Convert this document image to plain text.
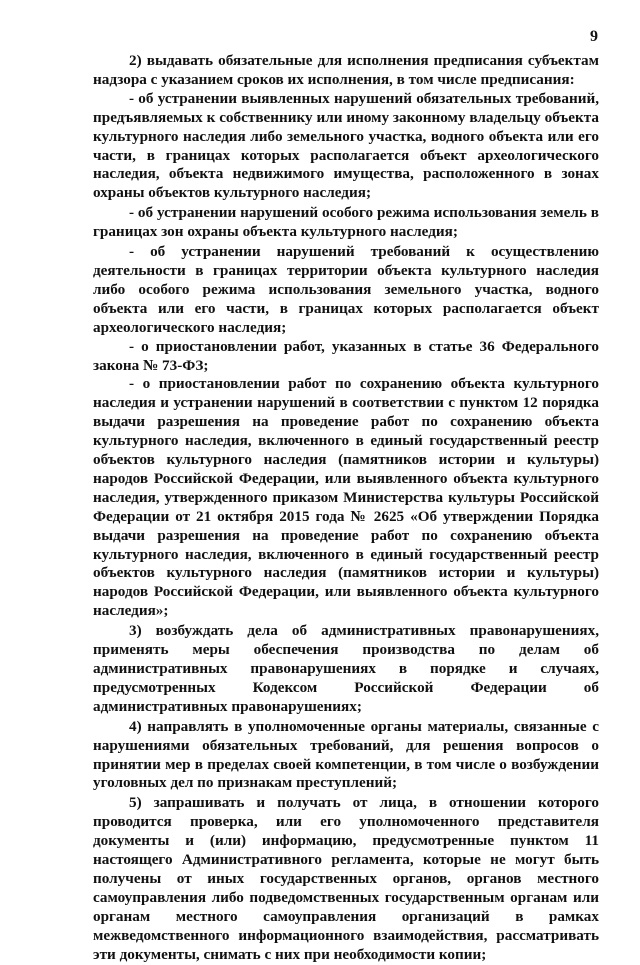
9

2) выдавать обязательные для исполнения предписания субъектам надзора с указанием сроков их исполнения, в том числе предписания:

- об устранении выявленных нарушений обязательных требований, предъявляемых к собственнику или иному законному владельцу объекта культурного наследия либо земельного участка, водного объекта или его части, в границах которых располагается объект археологического наследия, объекта недвижимого имущества, расположенного в зонах охраны объектов культурного наследия;

- об устранении нарушений особого режима использования земель в границах зон охраны объекта культурного наследия;

- об устранении нарушений требований к осуществлению деятельности в границах территории объекта культурного наследия либо особого режима использования земельного участка, водного объекта или его части, в границах которых располагается объект археологического наследия;

- о приостановлении работ, указанных в статье 36 Федерального закона № 73-ФЗ;

- о приостановлении работ по сохранению объекта культурного наследия и устранении нарушений в соответствии с пунктом 12 порядка выдачи разрешения на проведение работ по сохранению объекта культурного наследия, включенного в единый государственный реестр объектов культурного наследия (памятников истории и культуры) народов Российской Федерации, или выявленного объекта культурного наследия, утвержденного приказом Министерства культуры Российской Федерации от 21 октября 2015 года № 2625 «Об утверждении Порядка выдачи разрешения на проведение работ по сохранению объекта культурного наследия, включенного в единый государственный реестр объектов культурного наследия (памятников истории и культуры) народов Российской Федерации, или выявленного объекта культурного наследия»;

3) возбуждать дела об административных правонарушениях, применять меры обеспечения производства по делам об административных правонарушениях в порядке и случаях, предусмотренных Кодексом Российской Федерации об административных правонарушениях;

4) направлять в уполномоченные органы материалы, связанные с нарушениями обязательных требований, для решения вопросов о принятии мер в пределах своей компетенции, в том числе о возбуждении уголовных дел по признакам преступлений;

5) запрашивать и получать от лица, в отношении которого проводится проверка, или его уполномоченного представителя документы и (или) информацию, предусмотренные пунктом 11 настоящего Административного регламента, которые не могут быть получены от иных государственных органов, органов местного самоуправления либо подведомственных государственным органам или органам местного самоуправления организаций в рамках межведомственного информационного взаимодействия, рассматривать эти документы, снимать с них при необходимости копии;
